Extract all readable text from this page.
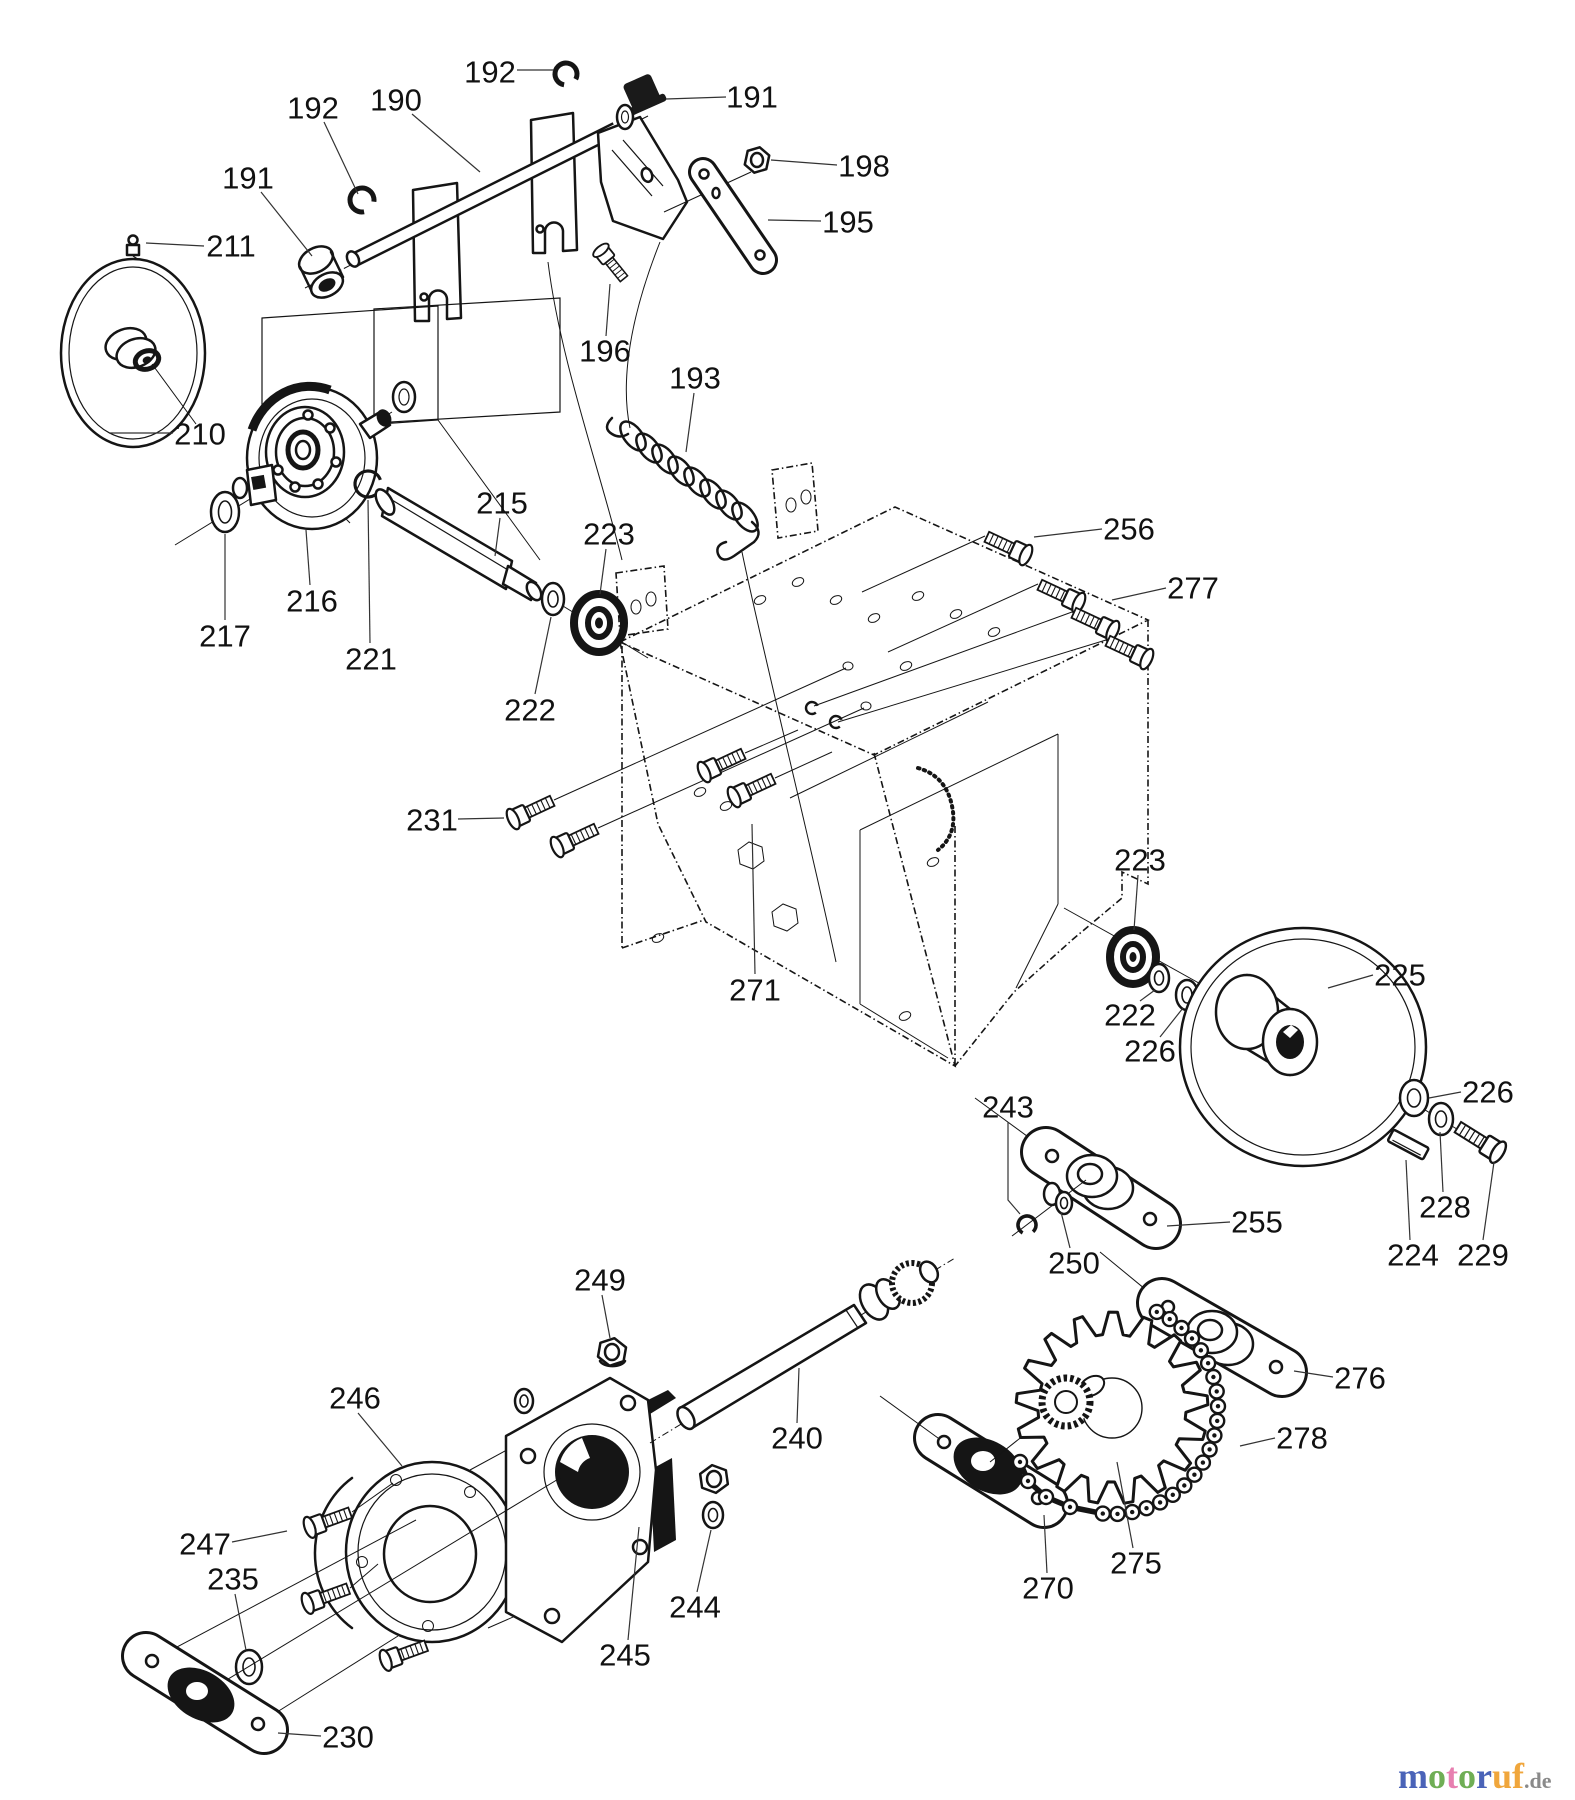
192
190	191
192
198
191
195
211
196
193
210
215
223
216
256
217
277
221
222
231
223
271
222
225
226
226
243
228
255
224 229
250
249
246
276
240	278
247
235
244
270
275
245
230
motoruf.de
